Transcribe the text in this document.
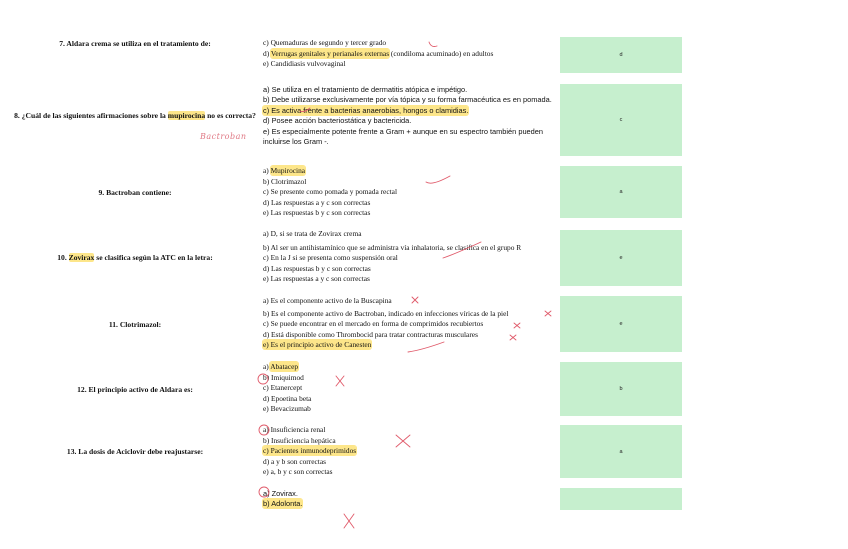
7. Aldara crema se utiliza en el tratamiento de:	c) Quemaduras de segundo y tercer grado
d) Verrugas genitales y perianales externas (condiloma acuminado) en adultos
e) Candidiasis vulvovaginal
d
8. ¿Cuál de las siguientes afirmaciones sobre la mupirocina no es correcta?
Bactroban
a) Se utiliza en el tratamiento de dermatitis atópica e impétigo.
b) Debe utilizarse exclusivamente por vía tópica y su forma farmacéutica es en pomada.
c) Es activa frente a bacterias anaerobias, hongos o clamidias.
d) Posee acción bacteriostática y bactericida.
e) Es especialmente potente frente a Gram + aunque en su espectro también pueden incluirse los Gram -.
c
9. Bactroban contiene:
a) Mupirocina
b) Clotrimazol
c) Se presente como pomada y pomada rectal
d) Las respuestas a y c son correctas
e) Las respuestas b y c son correctas
a
10. Zovirax se clasifica según la ATC en la letra:
a) D, si se trata de Zovirax crema
b) Al ser un antihistamínico que se administra vía inhalatoria, se clasifica en el grupo R
c) En la J si se presenta como suspensión oral
d) Las respuestas b y c son correctas
e) Las respuestas a y c son correctas
e
11. Clotrimazol:
a) Es el componente activo de la Buscapina
b) Es el componente activo de Bactroban, indicado en infecciones víricas de la piel
c) Se puede encontrar en el mercado en forma de comprimidos recubiertos
d) Está disponible como Thrombocid para tratar contracturas musculares
e) Es el principio activo de Canesten
e
12. El principio activo de Aldara es:
a) Abatacep
b) Imiquimod
c) Etanercept
d) Epoetina beta
e) Bevacizumab
b
13. La dosis de Aciclovir debe reajustarse:
a) Insuficiencia renal
b) Insuficiencia hepática
c) Pacientes inmunodeprimidos
d) a y b son correctas
e) a, b y c son correctas
a
a) Zovirax.
b) Adolonta.
